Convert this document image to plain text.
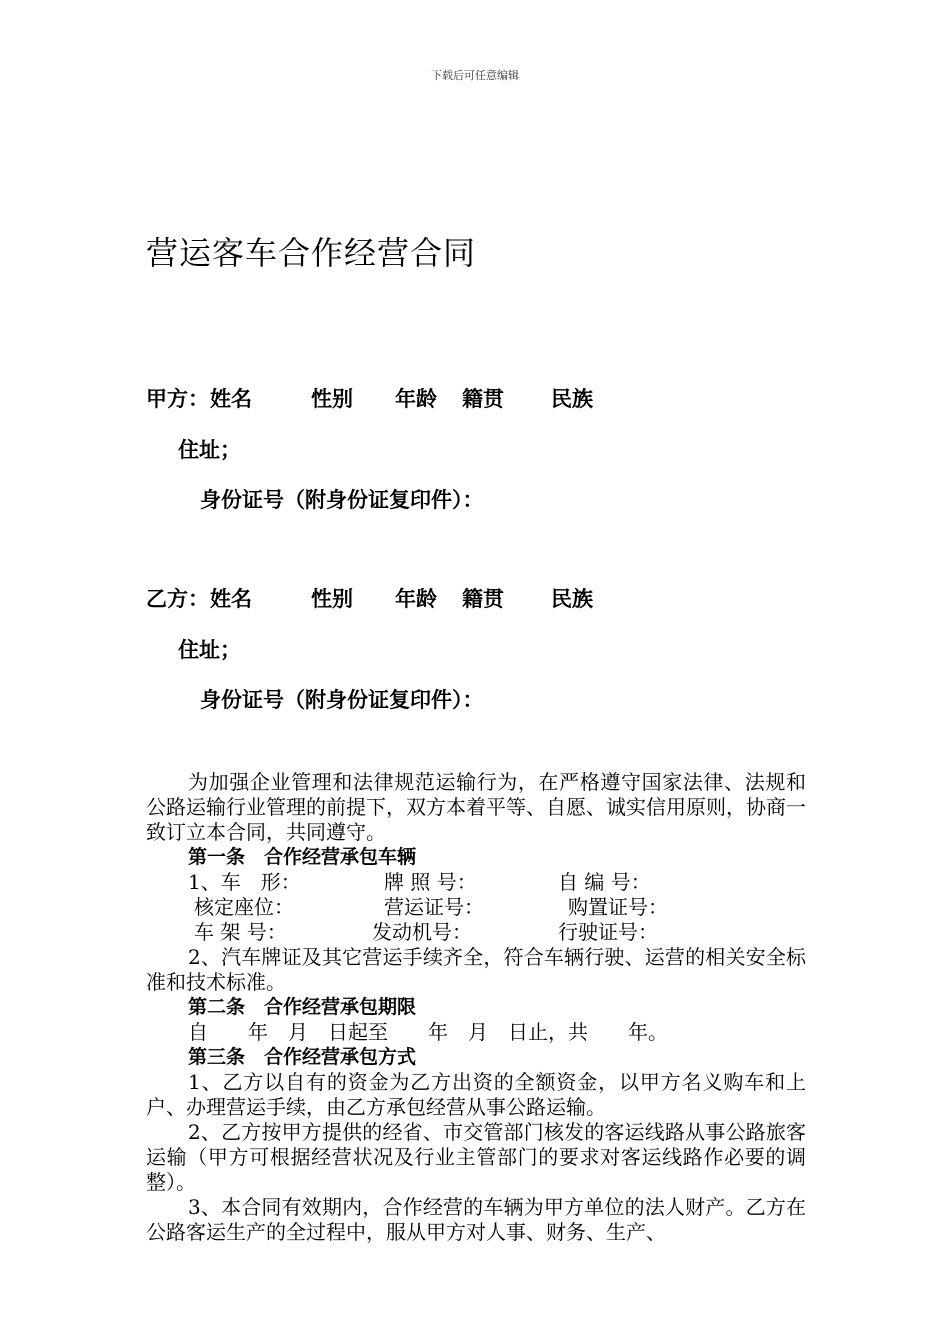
下载后可任意编辑
营运客车合作经营合同
甲方： 姓名	性别 年龄 籍贯 民族
住址；
身份证号（附身份证复印件）：
乙方： 姓名	性别 年龄 籍贯 民族
住址；
身份证号（附身份证复印件）：

为加强企业管理和法律规范运输行为，在严格遵守国家法律、法规和公路运输行业管理的前提下，双方本着平等、自愿、诚实信用原则，协商一致订立本合同，共同遵守。

第一条　合作经营承包车辆

1、车　形：	牌 照 号：	自 编 号：
核定座位：	营运证号：	购置证号：
车 架 号：	发动机号：	行驶证号：

2、汽车牌证及其它营运手续齐全，符合车辆行驶、运营的相关安全标准和技术标准。

第二条　合作经营承包期限

自　　年　月　日起至　　年　月　日止，共　　年。

第三条　合作经营承包方式

1、乙方以自有的资金为乙方出资的全额资金，以甲方名义购车和上户、办理营运手续，由乙方承包经营从事公路运输。

2、乙方按甲方提供的经省、市交管部门核发的客运线路从事公路旅客运输（甲方可根据经营状况及行业主管部门的要求对客运线路作必要的调整）。

3、本合同有效期内，合作经营的车辆为甲方单位的法人财产。乙方在公路客运生产的全过程中，服从甲方对人事、财务、生产、
